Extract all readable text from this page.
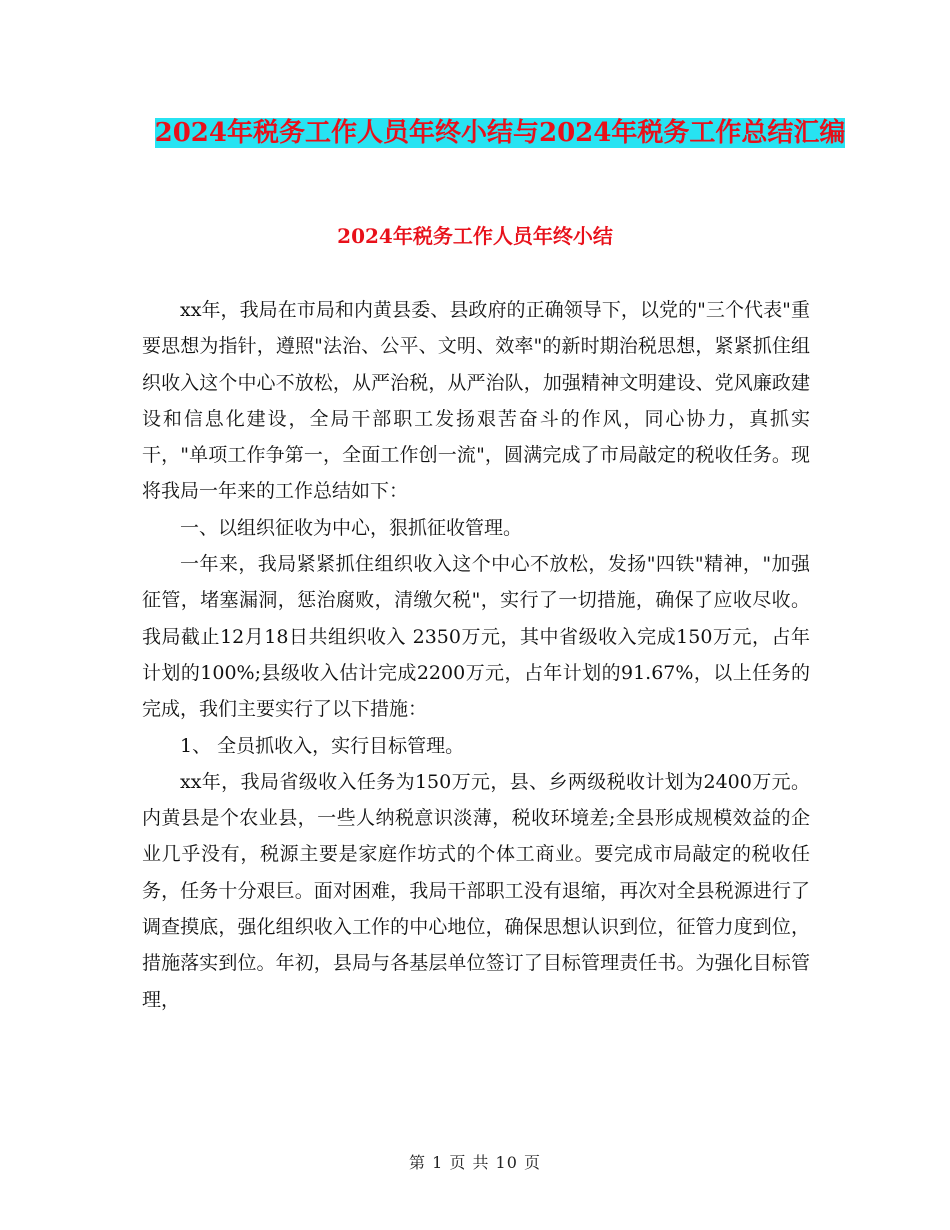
2024年税务工作人员年终小结与2024年税务工作总结汇编
2024年税务工作人员年终小结

xx年，我局在市局和内黄县委、县政府的正确领导下，以党的"三个代表"重要思想为指针，遵照"法治、公平、文明、效率"的新时期治税思想，紧紧抓住组织收入这个中心不放松，从严治税，从严治队，加强精神文明建设、党风廉政建设和信息化建设，全局干部职工发扬艰苦奋斗的作风，同心协力，真抓实干，"单项工作争第一，全面工作创一流"，圆满完成了市局敲定的税收任务。现将我局一年来的工作总结如下：

一、以组织征收为中心，狠抓征收管理。

一年来，我局紧紧抓住组织收入这个中心不放松，发扬"四铁"精神，"加强征管，堵塞漏洞，惩治腐败，清缴欠税"，实行了一切措施，确保了应收尽收。我局截止12月18日共组织收入 2350万元，其中省级收入完成150万元，占年计划的100%;县级收入估计完成2200万元，占年计划的91.67%，以上任务的完成，我们主要实行了以下措施：

1、 全员抓收入，实行目标管理。

xx年，我局省级收入任务为150万元，县、乡两级税收计划为2400万元。内黄县是个农业县，一些人纳税意识淡薄，税收环境差;全县形成规模效益的企业几乎没有，税源主要是家庭作坊式的个体工商业。要完成市局敲定的税收任务，任务十分艰巨。面对困难，我局干部职工没有退缩，再次对全县税源进行了调查摸底，强化组织收入工作的中心地位，确保思想认识到位，征管力度到位，措施落实到位。年初，县局与各基层单位签订了目标管理责任书。为强化目标管理，

第 1 页 共 10 页
